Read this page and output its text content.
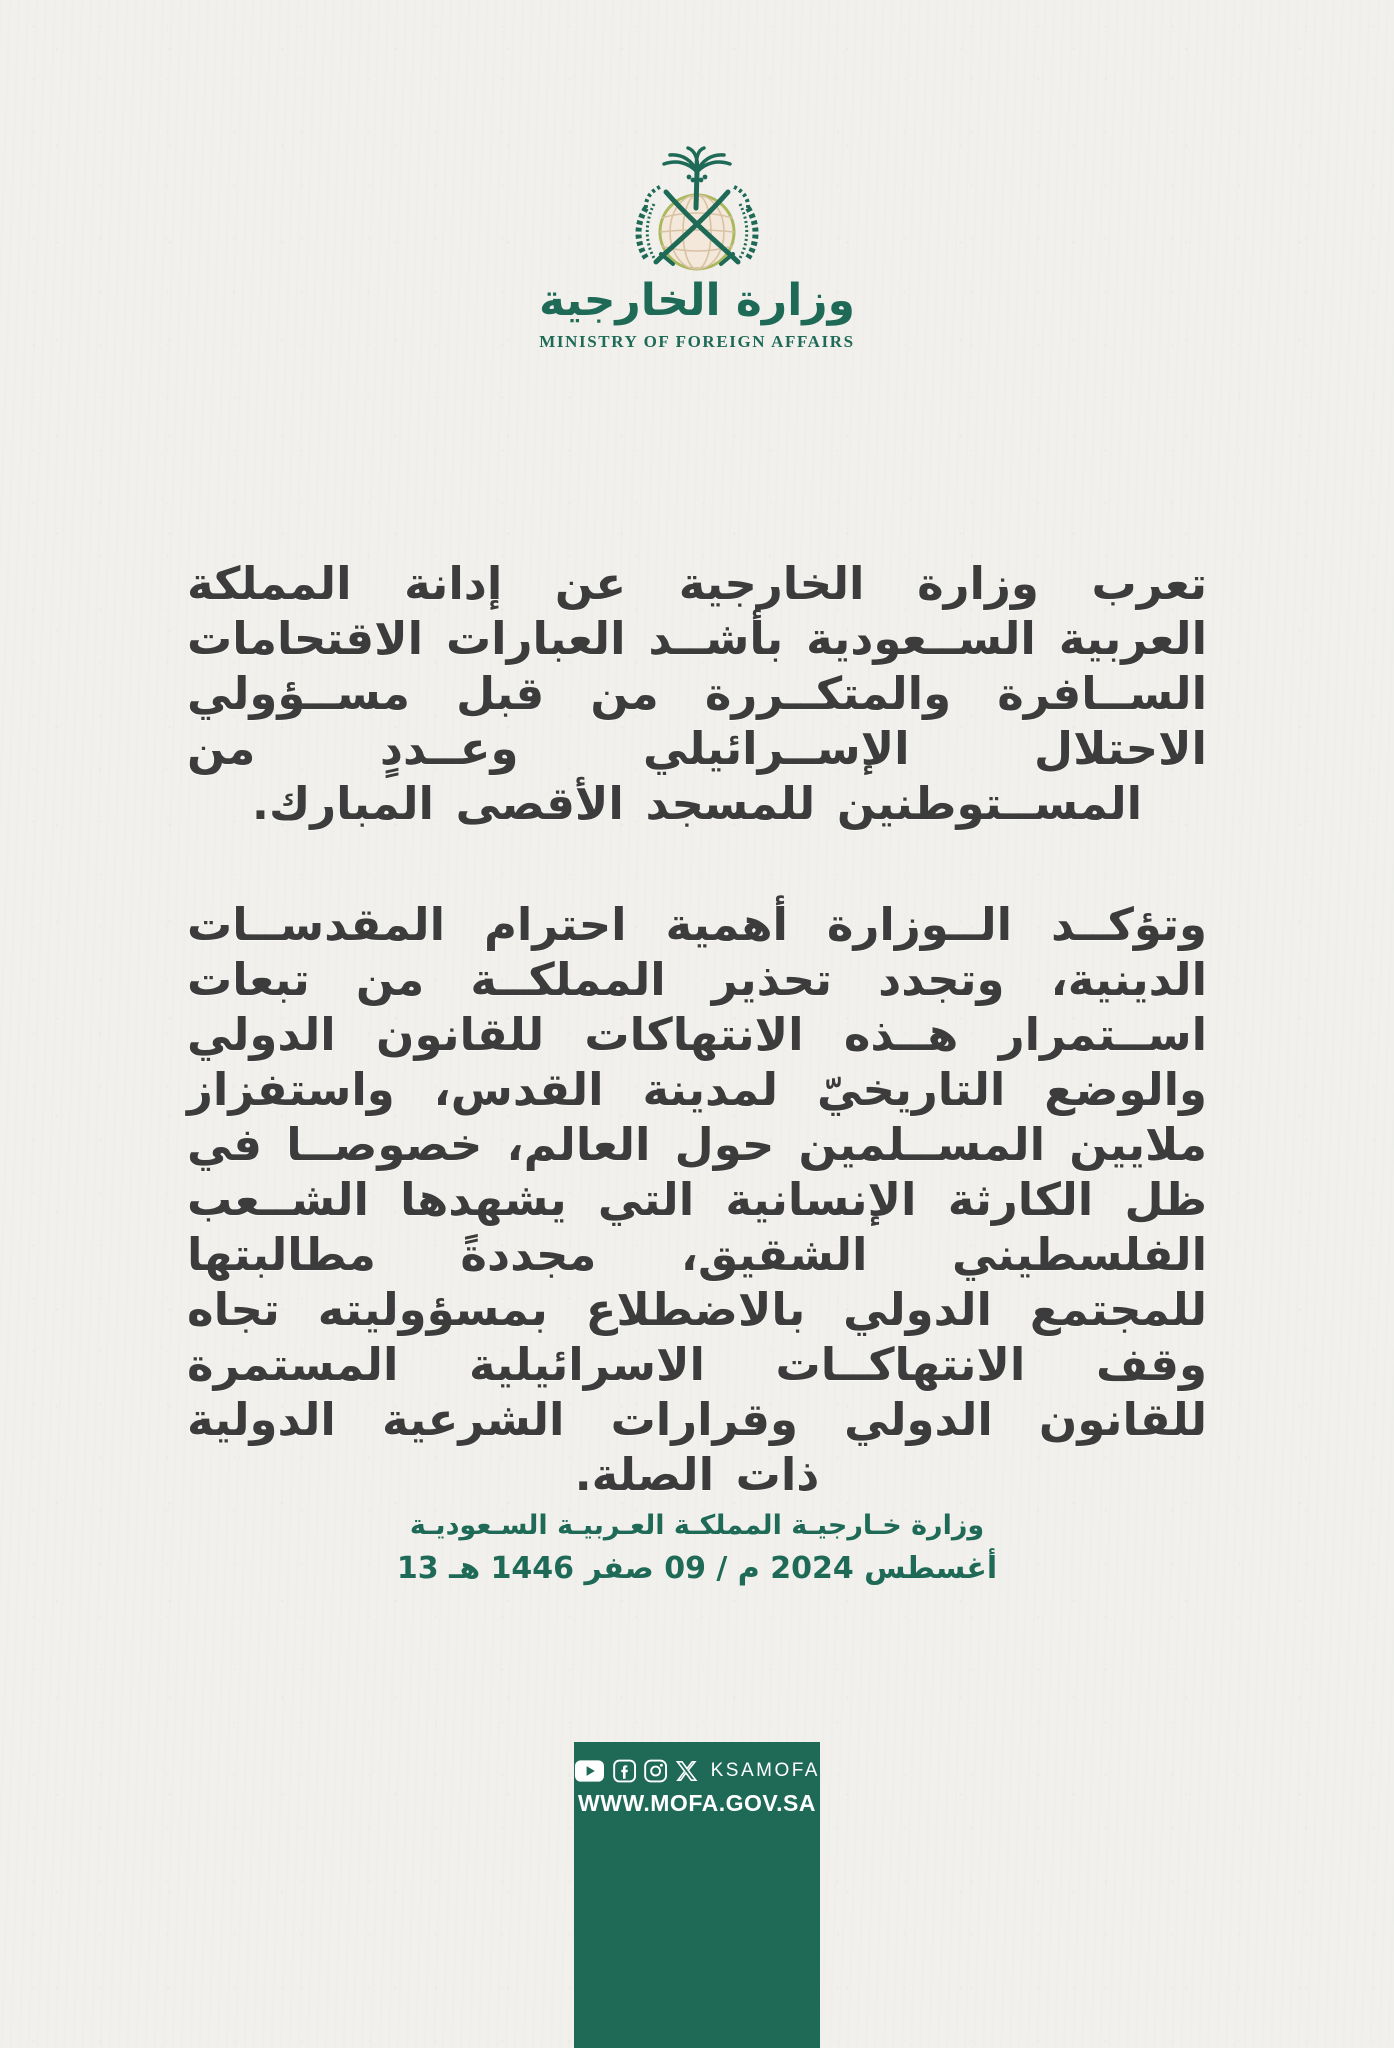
وزارة الخارجية
MINISTRY OF FOREIGN AFFAIRS

تعرب وزارة الخارجية عن إدانة المملكة العربية الســعودية بأشــد العبارات الاقتحامات الســافرة والمتكــررة من قبل مســؤولي الاحتلال الإســرائيلي وعــددٍ من المســتوطنين للمسجد الأقصى المبارك.

وتؤكــد الــوزارة أهمية احترام المقدســات الدينية، وتجدد تحذير المملكــة من تبعات اســتمرار هــذه الانتهاكات للقانون الدولي والوضع التاريخيّ لمدينة القدس، واستفزاز ملايين المســلمين حول العالم، خصوصــا في ظل الكارثة الإنسانية التي يشهدها الشــعب الفلسطيني الشقيق، مجددةً مطالبتها للمجتمع الدولي بالاضطلاع بمسؤوليته تجاه وقف الانتهاكــات الاسرائيلية المستمرة للقانون الدولي وقرارات الشرعية الدولية ذات الصلة.

وزارة خـارجيـة المملكـة العـربيـة السـعوديـة
13 أغسطس 2024 م / 09 صفر 1446 هـ
KSAMOFA
WWW.MOFA.GOV.SA
